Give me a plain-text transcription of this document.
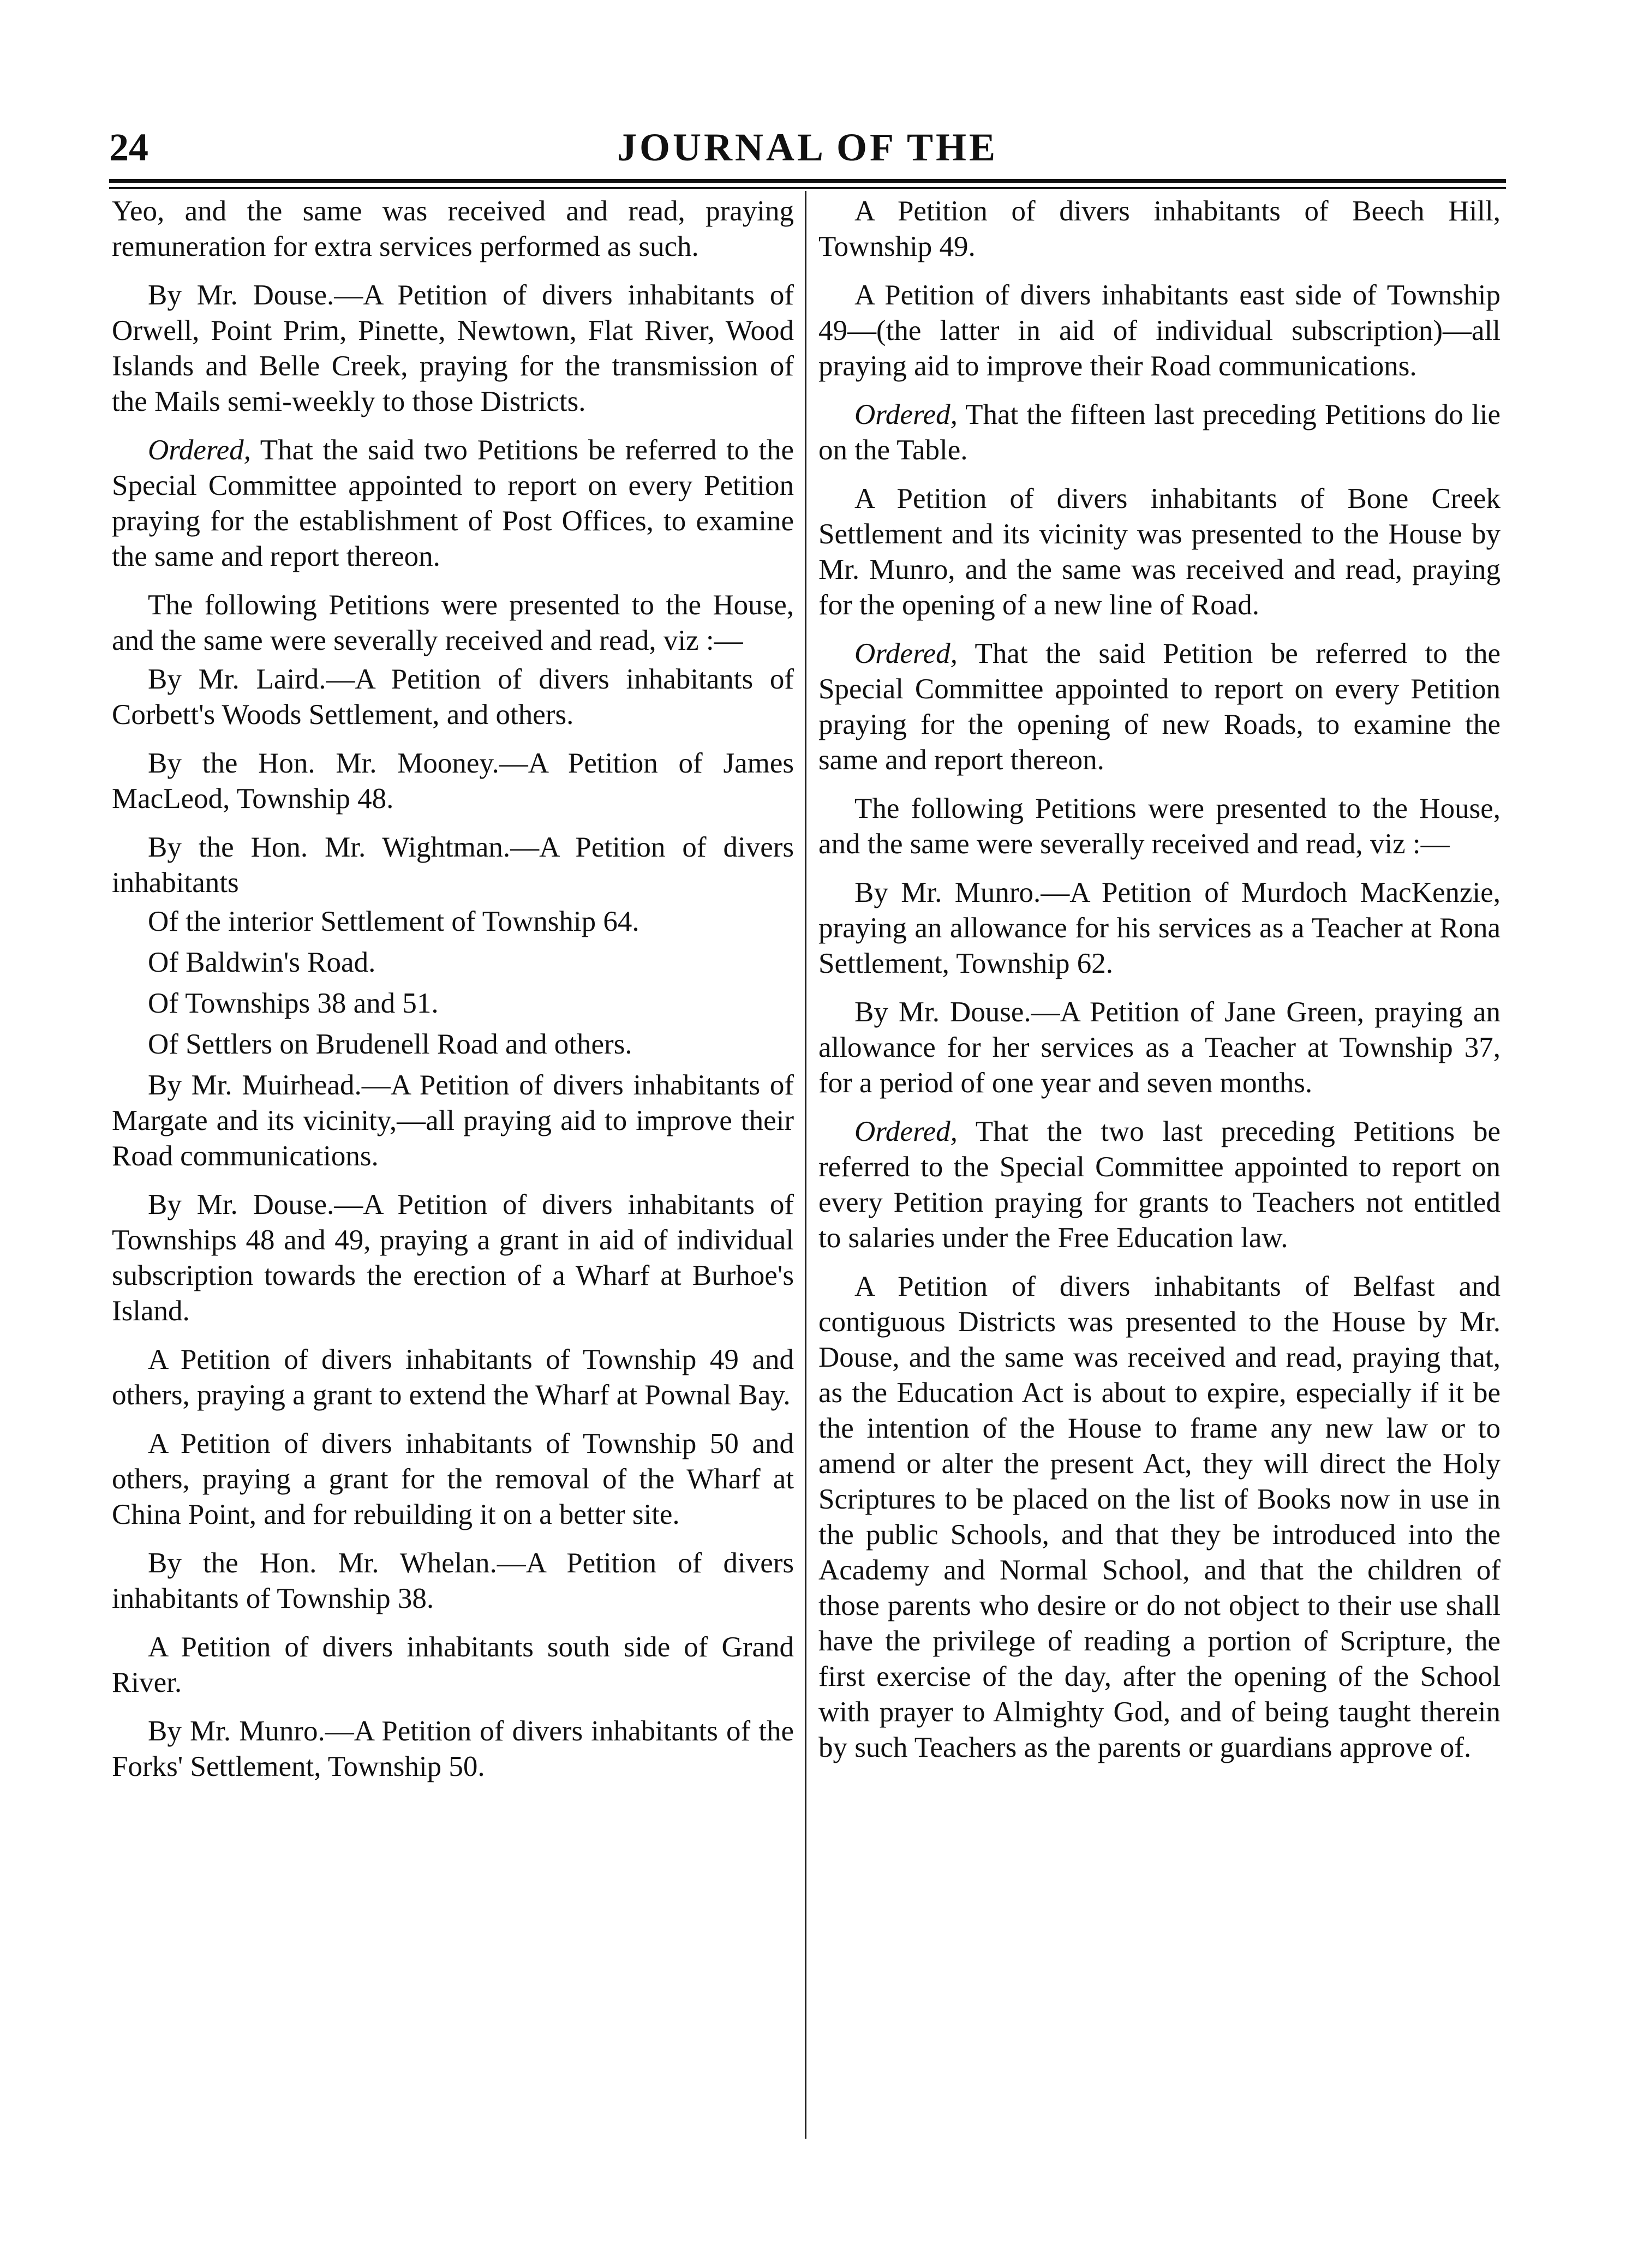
24	JOURNAL OF THE

Yeo, and the same was received and read, praying remuneration for extra services performed as such.

By Mr. Douse.—A Petition of divers inhabitants of Orwell, Point Prim, Pinette, Newtown, Flat River, Wood Islands and Belle Creek, praying for the transmission of the Mails semi-weekly to those Districts.

Ordered, That the said two Petitions be referred to the Special Committee appointed to report on every Petition praying for the establishment of Post Offices, to examine the same and report thereon.

The following Petitions were presented to the House, and the same were severally received and read, viz :—

By Mr. Laird.—A Petition of divers inhabitants of Corbett's Woods Settlement, and others.

By the Hon. Mr. Mooney.—A Petition of James MacLeod, Township 48.

By the Hon. Mr. Wightman.—A Petition of divers inhabitants

Of the interior Settlement of Township 64.

Of Baldwin's Road.

Of Townships 38 and 51.

Of Settlers on Brudenell Road and others.

By Mr. Muirhead.—A Petition of divers inhabitants of Margate and its vicinity,—all praying aid to improve their Road communications.

By Mr. Douse.—A Petition of divers inhabitants of Townships 48 and 49, praying a grant in aid of individual subscription towards the erection of a Wharf at Burhoe's Island.

A Petition of divers inhabitants of Township 49 and others, praying a grant to extend the Wharf at Pownal Bay.

A Petition of divers inhabitants of Township 50 and others, praying a grant for the removal of the Wharf at China Point, and for rebuilding it on a better site.

By the Hon. Mr. Whelan.—A Petition of divers inhabitants of Township 38.

A Petition of divers inhabitants south side of Grand River.

By Mr. Munro.—A Petition of divers inhabitants of the Forks' Settlement, Township 50.

A Petition of divers inhabitants of Beech Hill, Township 49.

A Petition of divers inhabitants east side of Township 49—(the latter in aid of individual subscription)—all praying aid to improve their Road communications.

Ordered, That the fifteen last preceding Petitions do lie on the Table.

A Petition of divers inhabitants of Bone Creek Settlement and its vicinity was presented to the House by Mr. Munro, and the same was received and read, praying for the opening of a new line of Road.

Ordered, That the said Petition be referred to the Special Committee appointed to report on every Petition praying for the opening of new Roads, to examine the same and report thereon.

The following Petitions were presented to the House, and the same were severally received and read, viz :—

By Mr. Munro.—A Petition of Murdoch MacKenzie, praying an allowance for his services as a Teacher at Rona Settlement, Township 62.

By Mr. Douse.—A Petition of Jane Green, praying an allowance for her services as a Teacher at Township 37, for a period of one year and seven months.

Ordered, That the two last preceding Petitions be referred to the Special Committee appointed to report on every Petition praying for grants to Teachers not entitled to salaries under the Free Education law.

A Petition of divers inhabitants of Belfast and contiguous Districts was presented to the House by Mr. Douse, and the same was received and read, praying that, as the Education Act is about to expire, especially if it be the intention of the House to frame any new law or to amend or alter the present Act, they will direct the Holy Scriptures to be placed on the list of Books now in use in the public Schools, and that they be introduced into the Academy and Normal School, and that the children of those parents who desire or do not object to their use shall have the privilege of reading a portion of Scripture, the first exercise of the day, after the opening of the School with prayer to Almighty God, and of being taught therein by such Teachers as the parents or guardians approve of.
